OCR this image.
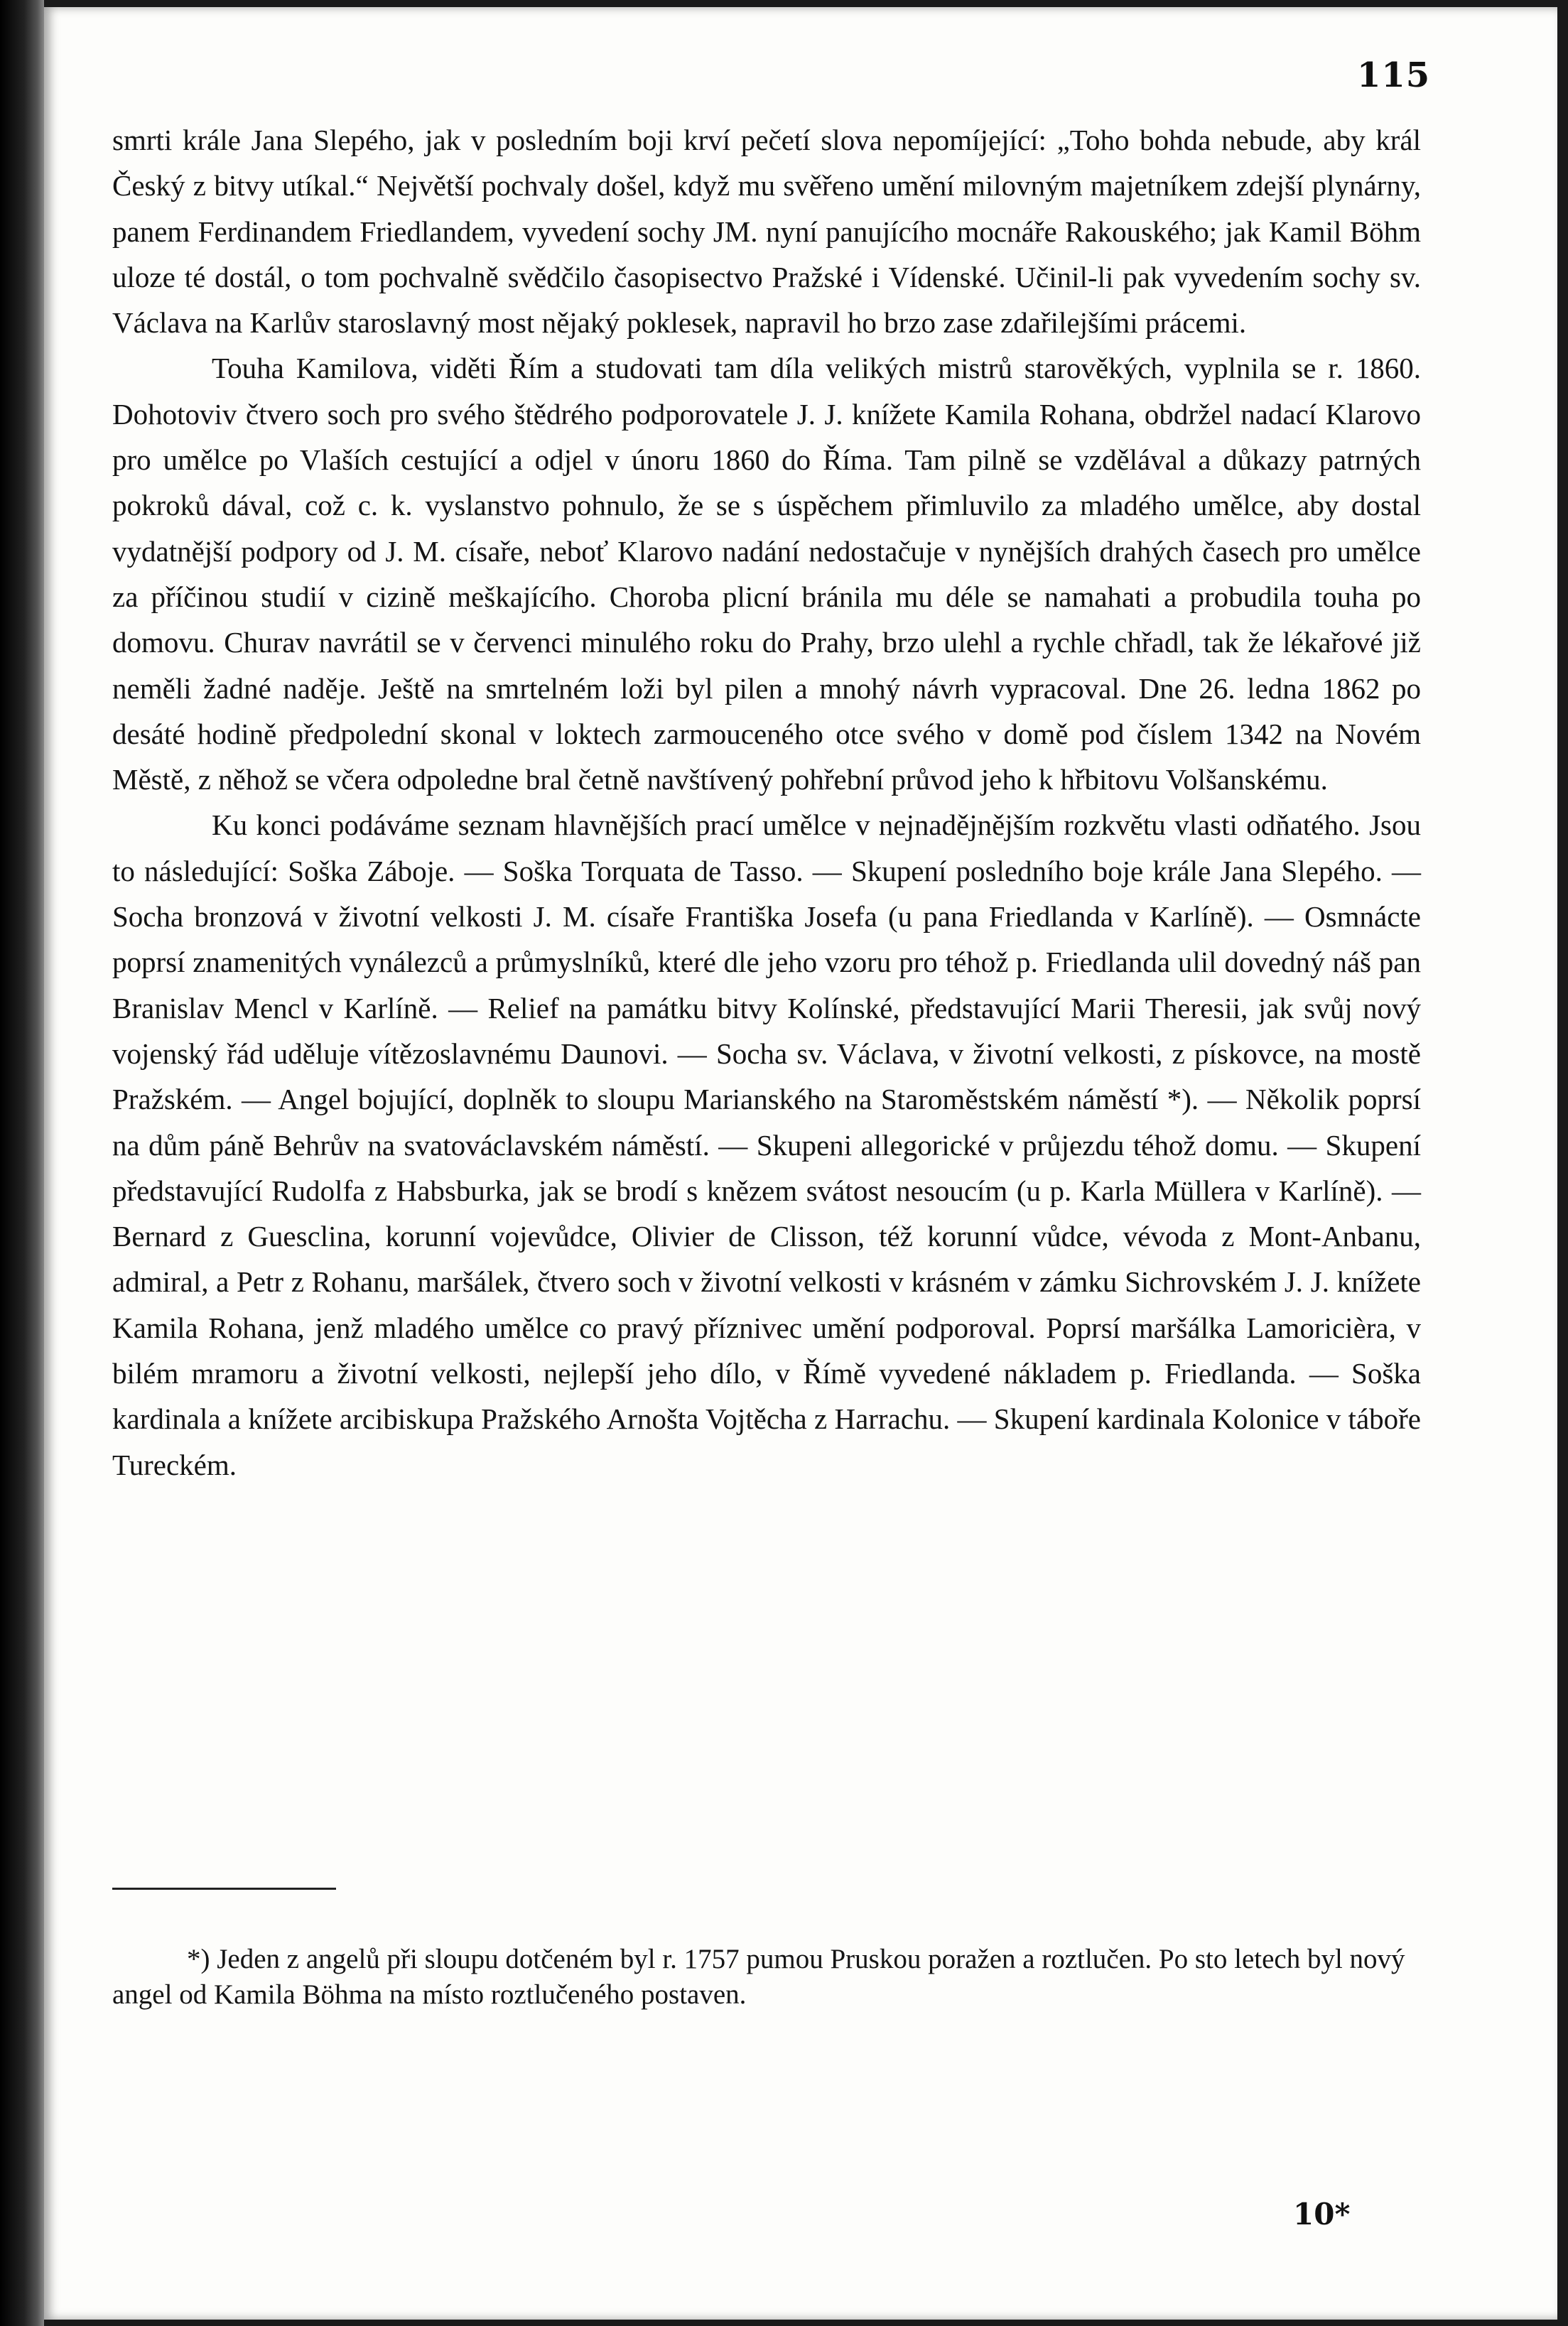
115

smrti krále Jana Slepého, jak v posledním boji krví pečetí slova nepomíjející: „Toho bohda nebude, aby král Český z bitvy utíkal.“ Největší pochvaly došel, když mu svěřeno umění milovným majetníkem zdejší plynárny, panem Ferdinandem Friedlandem, vyvedení sochy JM. nyní panujícího mocnáře Rakouského; jak Kamil Böhm uloze té dostál, o tom pochvalně svědčilo časopisectvo Pražské i Vídenské. Učinil-li pak vyvedením sochy sv. Václava na Karlův staroslavný most nějaký poklesek, napravil ho brzo zase zdařilejšími prácemi.

Touha Kamilova, viděti Řím a studovati tam díla velikých mistrů starověkých, vyplnila se r. 1860. Dohotoviv čtvero soch pro svého štědrého podporovatele J. J. knížete Kamila Rohana, obdržel nadací Klarovo pro umělce po Vlaších cestující a odjel v únoru 1860 do Říma. Tam pilně se vzdělával a důkazy patrných pokroků dával, což c. k. vyslanstvo pohnulo, že se s úspěchem přimluvilo za mladého umělce, aby dostal vydatnější podpory od J. M. císaře, neboť Klarovo nadání nedostačuje v nynějších drahých časech pro umělce za příčinou studií v cizině meškajícího. Choroba plicní bránila mu déle se namahati a probudila touha po domovu. Churav navrátil se v červenci minulého roku do Prahy, brzo ulehl a rychle chřadl, tak že lékařové již neměli žadné naděje. Ještě na smrtelném loži byl pilen a mnohý návrh vypracoval. Dne 26. ledna 1862 po desáté hodině předpolední skonal v loktech zarmouceného otce svého v domě pod číslem 1342 na Novém Městě, z něhož se včera odpoledne bral četně navštívený pohřební průvod jeho k hřbitovu Volšanskému.

Ku konci podáváme seznam hlavnějších prací umělce v nejnadějnějším rozkvětu vlasti odňatého. Jsou to následující: Soška Záboje. — Soška Torquata de Tasso. — Skupení posledního boje krále Jana Slepého. — Socha bronzová v životní velkosti J. M. císaře Františka Josefa (u pana Friedlanda v Karlíně). — Osmnácte poprsí znamenitých vynálezců a průmyslníků, které dle jeho vzoru pro téhož p. Friedlanda ulil dovedný náš pan Branislav Mencl v Karlíně. — Relief na památku bitvy Kolínské, představující Marii Theresii, jak svůj nový vojenský řád uděluje vítězoslavnému Daunovi. — Socha sv. Václava, v životní velkosti, z pískovce, na mostě Pražském. — Angel bojující, doplněk to sloupu Marianského na Staroměstském náměstí *). — Několik poprsí na dům páně Behrův na svatováclavském náměstí. — Skupeni allegorické v průjezdu téhož domu. — Skupení představující Rudolfa z Habsburka, jak se brodí s knězem svátost nesoucím (u p. Karla Müllera v Karlíně). — Bernard z Guesclina, korunní vojevůdce, Olivier de Clisson, též korunní vůdce, vévoda z Mont-Anbanu, admiral, a Petr z Rohanu, maršálek, čtvero soch v životní velkosti v krásném v zámku Sichrovském J. J. knížete Kamila Rohana, jenž mladého umělce co pravý příznivec umění podporoval. Poprsí maršálka Lamoricièra, v bilém mramoru a životní velkosti, nejlepší jeho dílo, v Římě vyvedené nákladem p. Friedlanda. — Soška kardinala a knížete arcibiskupa Pražského Arnošta Vojtěcha z Harrachu. — Skupení kardinala Kolonice v táboře Tureckém.

*) Jeden z angelů při sloupu dotčeném byl r. 1757 pumou Pruskou poražen a roztlučen. Po sto letech byl nový angel od Kamila Böhma na místo roztlučeného postaven.

10*
